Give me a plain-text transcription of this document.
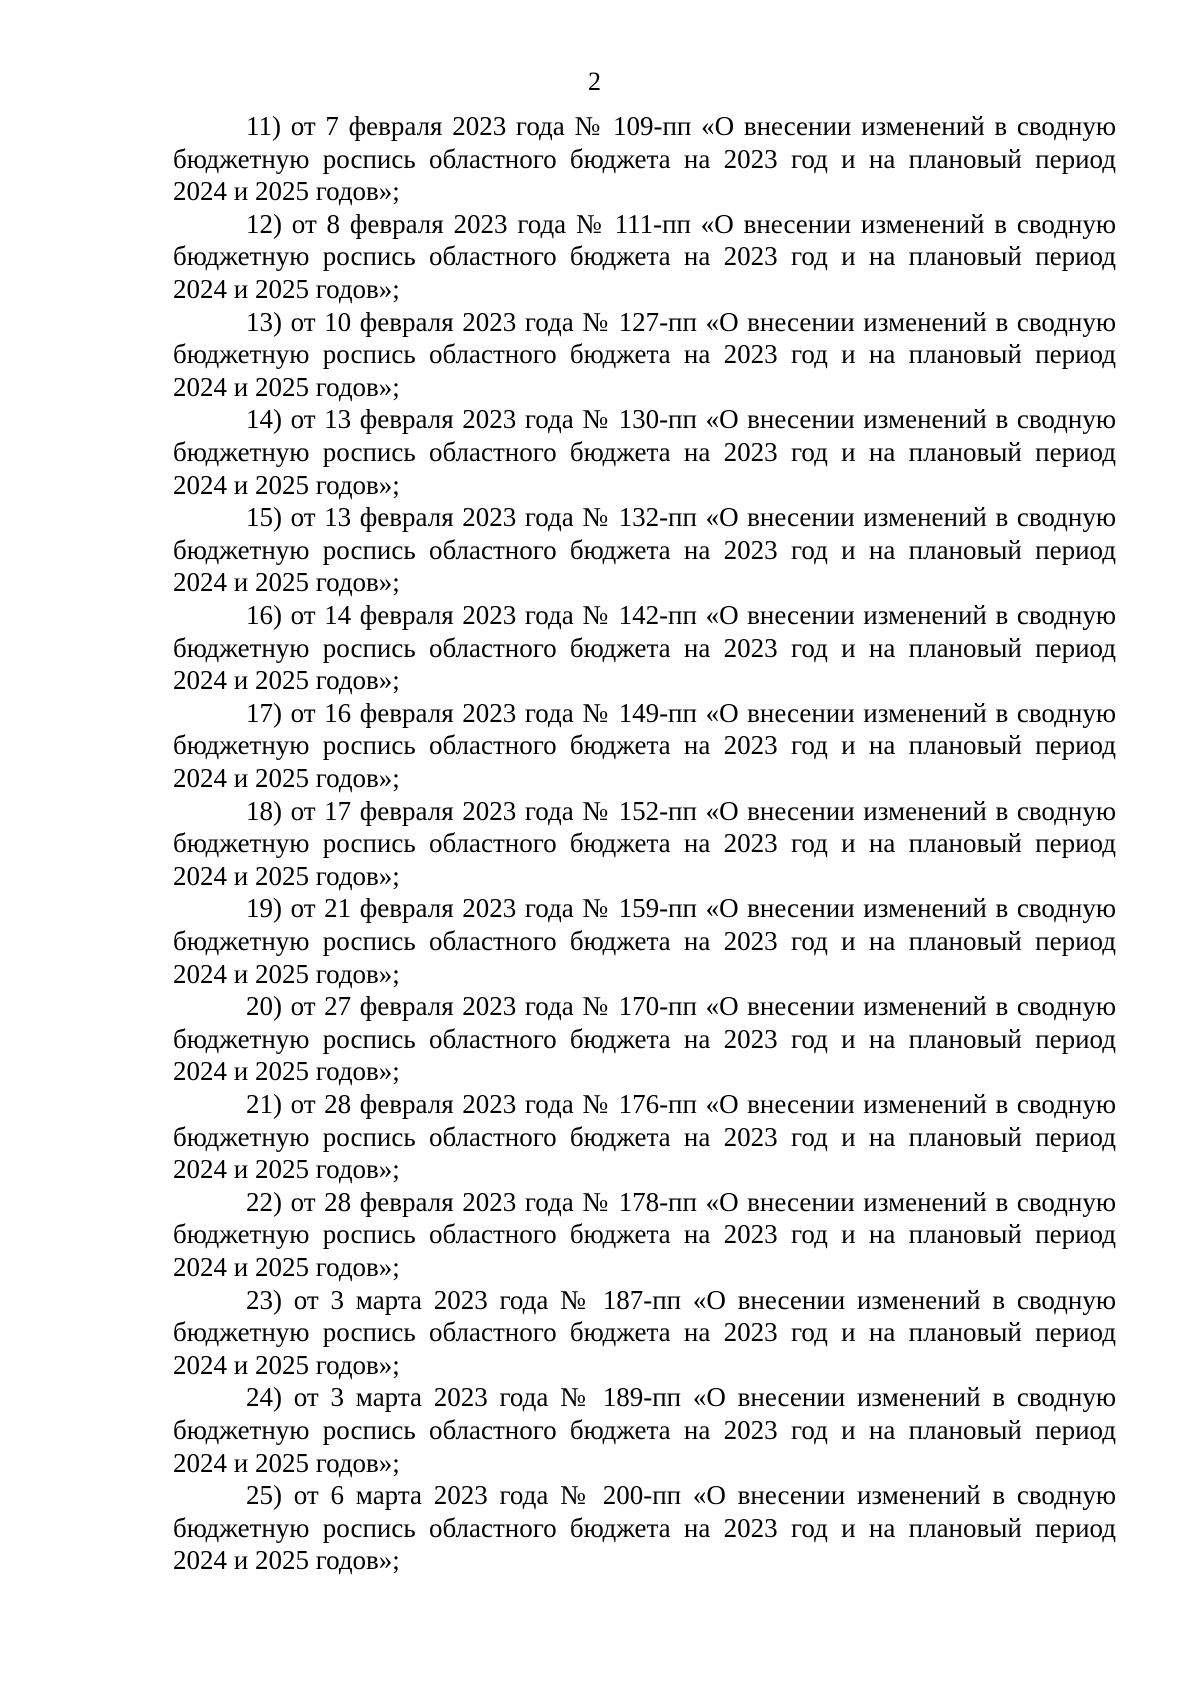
2

11) от 7 февраля 2023 года № 109-пп «О внесении изменений в сводную
бюджетную роспись областного бюджета на 2023 год и на плановый период
2024 и 2025 годов»;

12) от 8 февраля 2023 года № 111-пп «О внесении изменений в сводную
бюджетную роспись областного бюджета на 2023 год и на плановый период
2024 и 2025 годов»;

13) от 10 февраля 2023 года № 127-пп «О внесении изменений в сводную
бюджетную роспись областного бюджета на 2023 год и на плановый период
2024 и 2025 годов»;

14) от 13 февраля 2023 года № 130-пп «О внесении изменений в сводную
бюджетную роспись областного бюджета на 2023 год и на плановый период
2024 и 2025 годов»;

15) от 13 февраля 2023 года № 132-пп «О внесении изменений в сводную
бюджетную роспись областного бюджета на 2023 год и на плановый период
2024 и 2025 годов»;

16) от 14 февраля 2023 года № 142-пп «О внесении изменений в сводную
бюджетную роспись областного бюджета на 2023 год и на плановый период
2024 и 2025 годов»;

17) от 16 февраля 2023 года № 149-пп «О внесении изменений в сводную
бюджетную роспись областного бюджета на 2023 год и на плановый период
2024 и 2025 годов»;

18) от 17 февраля 2023 года № 152-пп «О внесении изменений в сводную
бюджетную роспись областного бюджета на 2023 год и на плановый период
2024 и 2025 годов»;

19) от 21 февраля 2023 года № 159-пп «О внесении изменений в сводную
бюджетную роспись областного бюджета на 2023 год и на плановый период
2024 и 2025 годов»;

20) от 27 февраля 2023 года № 170-пп «О внесении изменений в сводную
бюджетную роспись областного бюджета на 2023 год и на плановый период
2024 и 2025 годов»;

21) от 28 февраля 2023 года № 176-пп «О внесении изменений в сводную
бюджетную роспись областного бюджета на 2023 год и на плановый период
2024 и 2025 годов»;

22) от 28 февраля 2023 года № 178-пп «О внесении изменений в сводную
бюджетную роспись областного бюджета на 2023 год и на плановый период
2024 и 2025 годов»;

23) от 3 марта 2023 года № 187-пп «О внесении изменений в сводную
бюджетную роспись областного бюджета на 2023 год и на плановый период
2024 и 2025 годов»;

24) от 3 марта 2023 года № 189-пп «О внесении изменений в сводную
бюджетную роспись областного бюджета на 2023 год и на плановый период
2024 и 2025 годов»;

25) от 6 марта 2023 года № 200-пп «О внесении изменений в сводную
бюджетную роспись областного бюджета на 2023 год и на плановый период
2024 и 2025 годов»;
